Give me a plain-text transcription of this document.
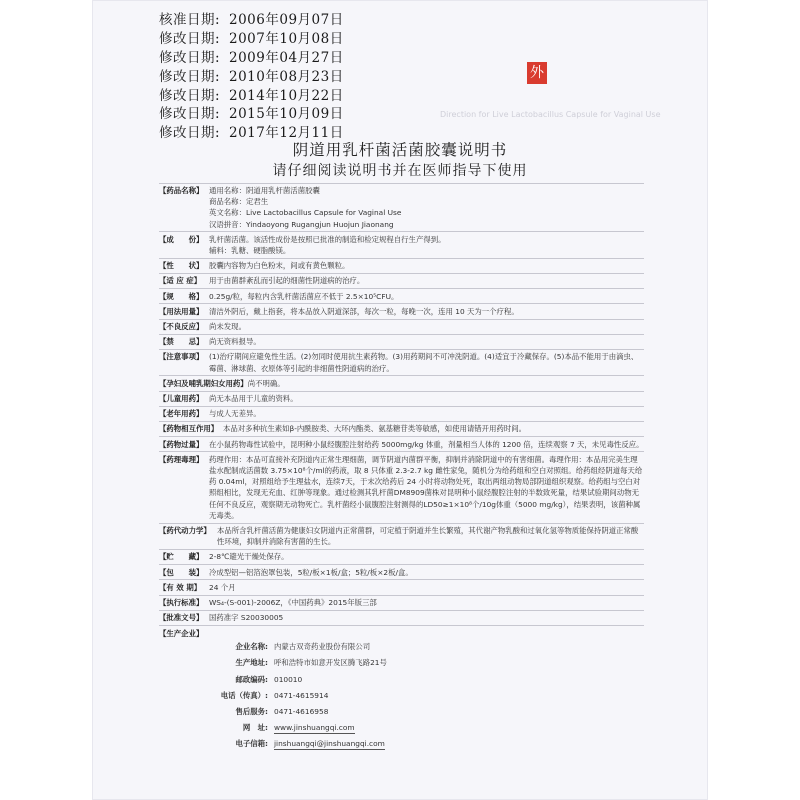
核准日期: 2006年09月07日
修改日期: 2007年10月08日
修改日期: 2009年04月27日
修改日期: 2010年08月23日
修改日期: 2014年10月22日
修改日期: 2015年10月09日
修改日期: 2017年12月11日
Direction for Live Lactobacillus Capsule for Vaginal Use
外
阴道用乳杆菌活菌胶囊说明书
请仔细阅读说明书并在医师指导下使用
【药品名称】 通用名称：阴道用乳杆菌活菌胶囊
商品名称：定君生
英文名称：Live Lactobacillus Capsule for Vaginal Use
汉语拼音：Yindaoyong Rugangjun Huojun Jiaonang
【成　　份】 乳杆菌活菌。该活性成份是按照已批准的制造和检定规程自行生产得到。
辅料：乳糖、硬脂酸镁。
【性　　状】 胶囊内容物为白色粉末，间或有黄色颗粒。
【适 应 症】	用于由菌群紊乱而引起的细菌性阴道病的治疗。
【规　　格】 0.25g/粒，每粒内含乳杆菌活菌应不低于 2.5×10⁵CFU。
【用法用量】 清洁外阴后，戴上指套，将本品放入阴道深部，每次一粒，每晚一次，连用 10 天为一个疗程。
【不良反应】 尚未发现。
【禁　　忌】 尚无资料报导。
【注意事项】 (1)治疗期间应避免性生活。(2)勿同时使用抗生素药物。(3)用药期间不可冲洗阴道。(4)适宜于冷藏保存。(5)本品不能用于由滴虫、霉菌、淋球菌、衣原体等引起的非细菌性阴道病的治疗。
【孕妇及哺乳期妇女用药】 尚不明确。
【儿童用药】 尚无本品用于儿童的资料。
【老年用药】 与成人无差异。
【药物相互作用】 本品对多种抗生素如β-内酰胺类、大环内酯类、氨基糖苷类等敏感，如使用请错开用药时间。
【药物过量】 在小鼠药物毒性试验中，昆明种小鼠经腹腔注射给药 5000mg/kg 体重，剂量相当人体的 1200 倍，连续观察 7 天，未见毒性反应。
【药理毒理】 药理作用：本品可直接补充阴道内正常生理细菌，调节阴道内菌群平衡，抑制并消除阴道中的有害细菌。毒理作用：本品用完美生理盐水配制成活菌数 3.75×10⁸个/ml的药液，取 8 只体重 2.3-2.7 kg 雌性家兔，随机分为给药组和空白对照组。给药组经阴道每天给药 0.04ml，对照组给予生理盐水，连续7天，于末次给药后 24 小时将动物处死，取出两组动物局部阴道组织观察。给药组与空白对照组相比，发现无充血、红肿等现象。通过检测其乳杆菌DM8909菌株对昆明种小鼠经腹腔注射的半数致死量，结果试验期间动物无任何不良反应，观察期无动物死亡。乳杆菌经小鼠腹腔注射测得的LD50≥1×10⁸个/10g体重（5000 mg/kg），结果表明，该菌种属无毒类。
【药代动力学】 本品所含乳杆菌活菌为健康妇女阴道内正常菌群，可定植于阴道并生长繁殖，其代谢产物乳酸和过氧化氢等物质能保持阴道正常酸性环境，抑制并消除有害菌的生长。
【贮　　藏】 2-8℃避光干燥处保存。
【包　　装】 冷成型铝—铝箔泡罩包装，5粒/板×1板/盒；5粒/板×2板/盒。
【有 效 期】	24 个月
【执行标准】 WS₄-(S-001)-2006Z，《中国药典》2015年版三部
【批准文号】 国药准字 S20030005
【生产企业】
企业名称: 内蒙古双奇药业股份有限公司
生产地址: 呼和浩特市如意开发区腾飞路21号
邮政编码: 010010
电话（传真）: 0471-4615914
售后服务: 0471-4616958
网　址: www.jinshuangqi.com
电子信箱: jinshuangqi@jinshuangqi.com
